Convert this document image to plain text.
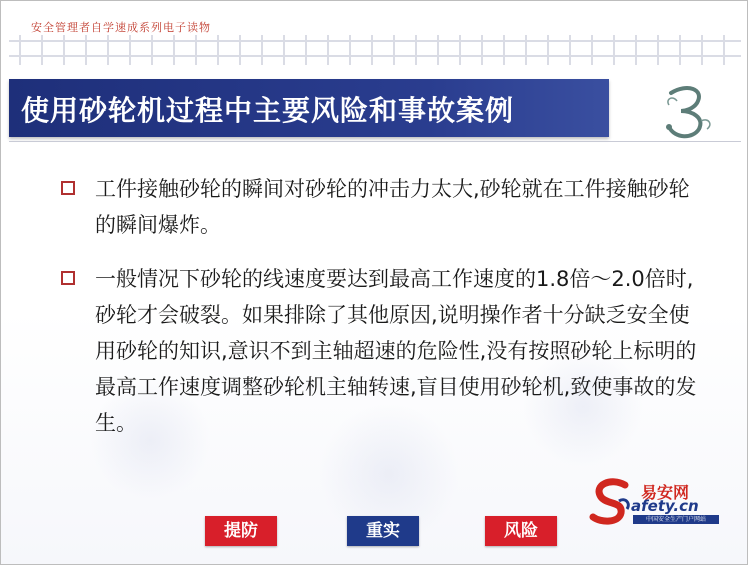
安全管理者自学速成系列电子读物
使用砂轮机过程中主要风险和事故案例
工件接触砂轮的瞬间对砂轮的冲击力太大,砂轮就在工件接触砂轮的瞬间爆炸。
一般情况下砂轮的线速度要达到最高工作速度的1.8倍～2.0倍时,砂轮才会破裂。如果排除了其他原因,说明操作者十分缺乏安全使用砂轮的知识,意识不到主轴超速的危险性,没有按照砂轮上标明的最高工作速度调整砂轮机主轴转速,盲目使用砂轮机,致使事故的发生。
易安网
afety.cn
中国安全生产门户网站
提防	重实	风险
